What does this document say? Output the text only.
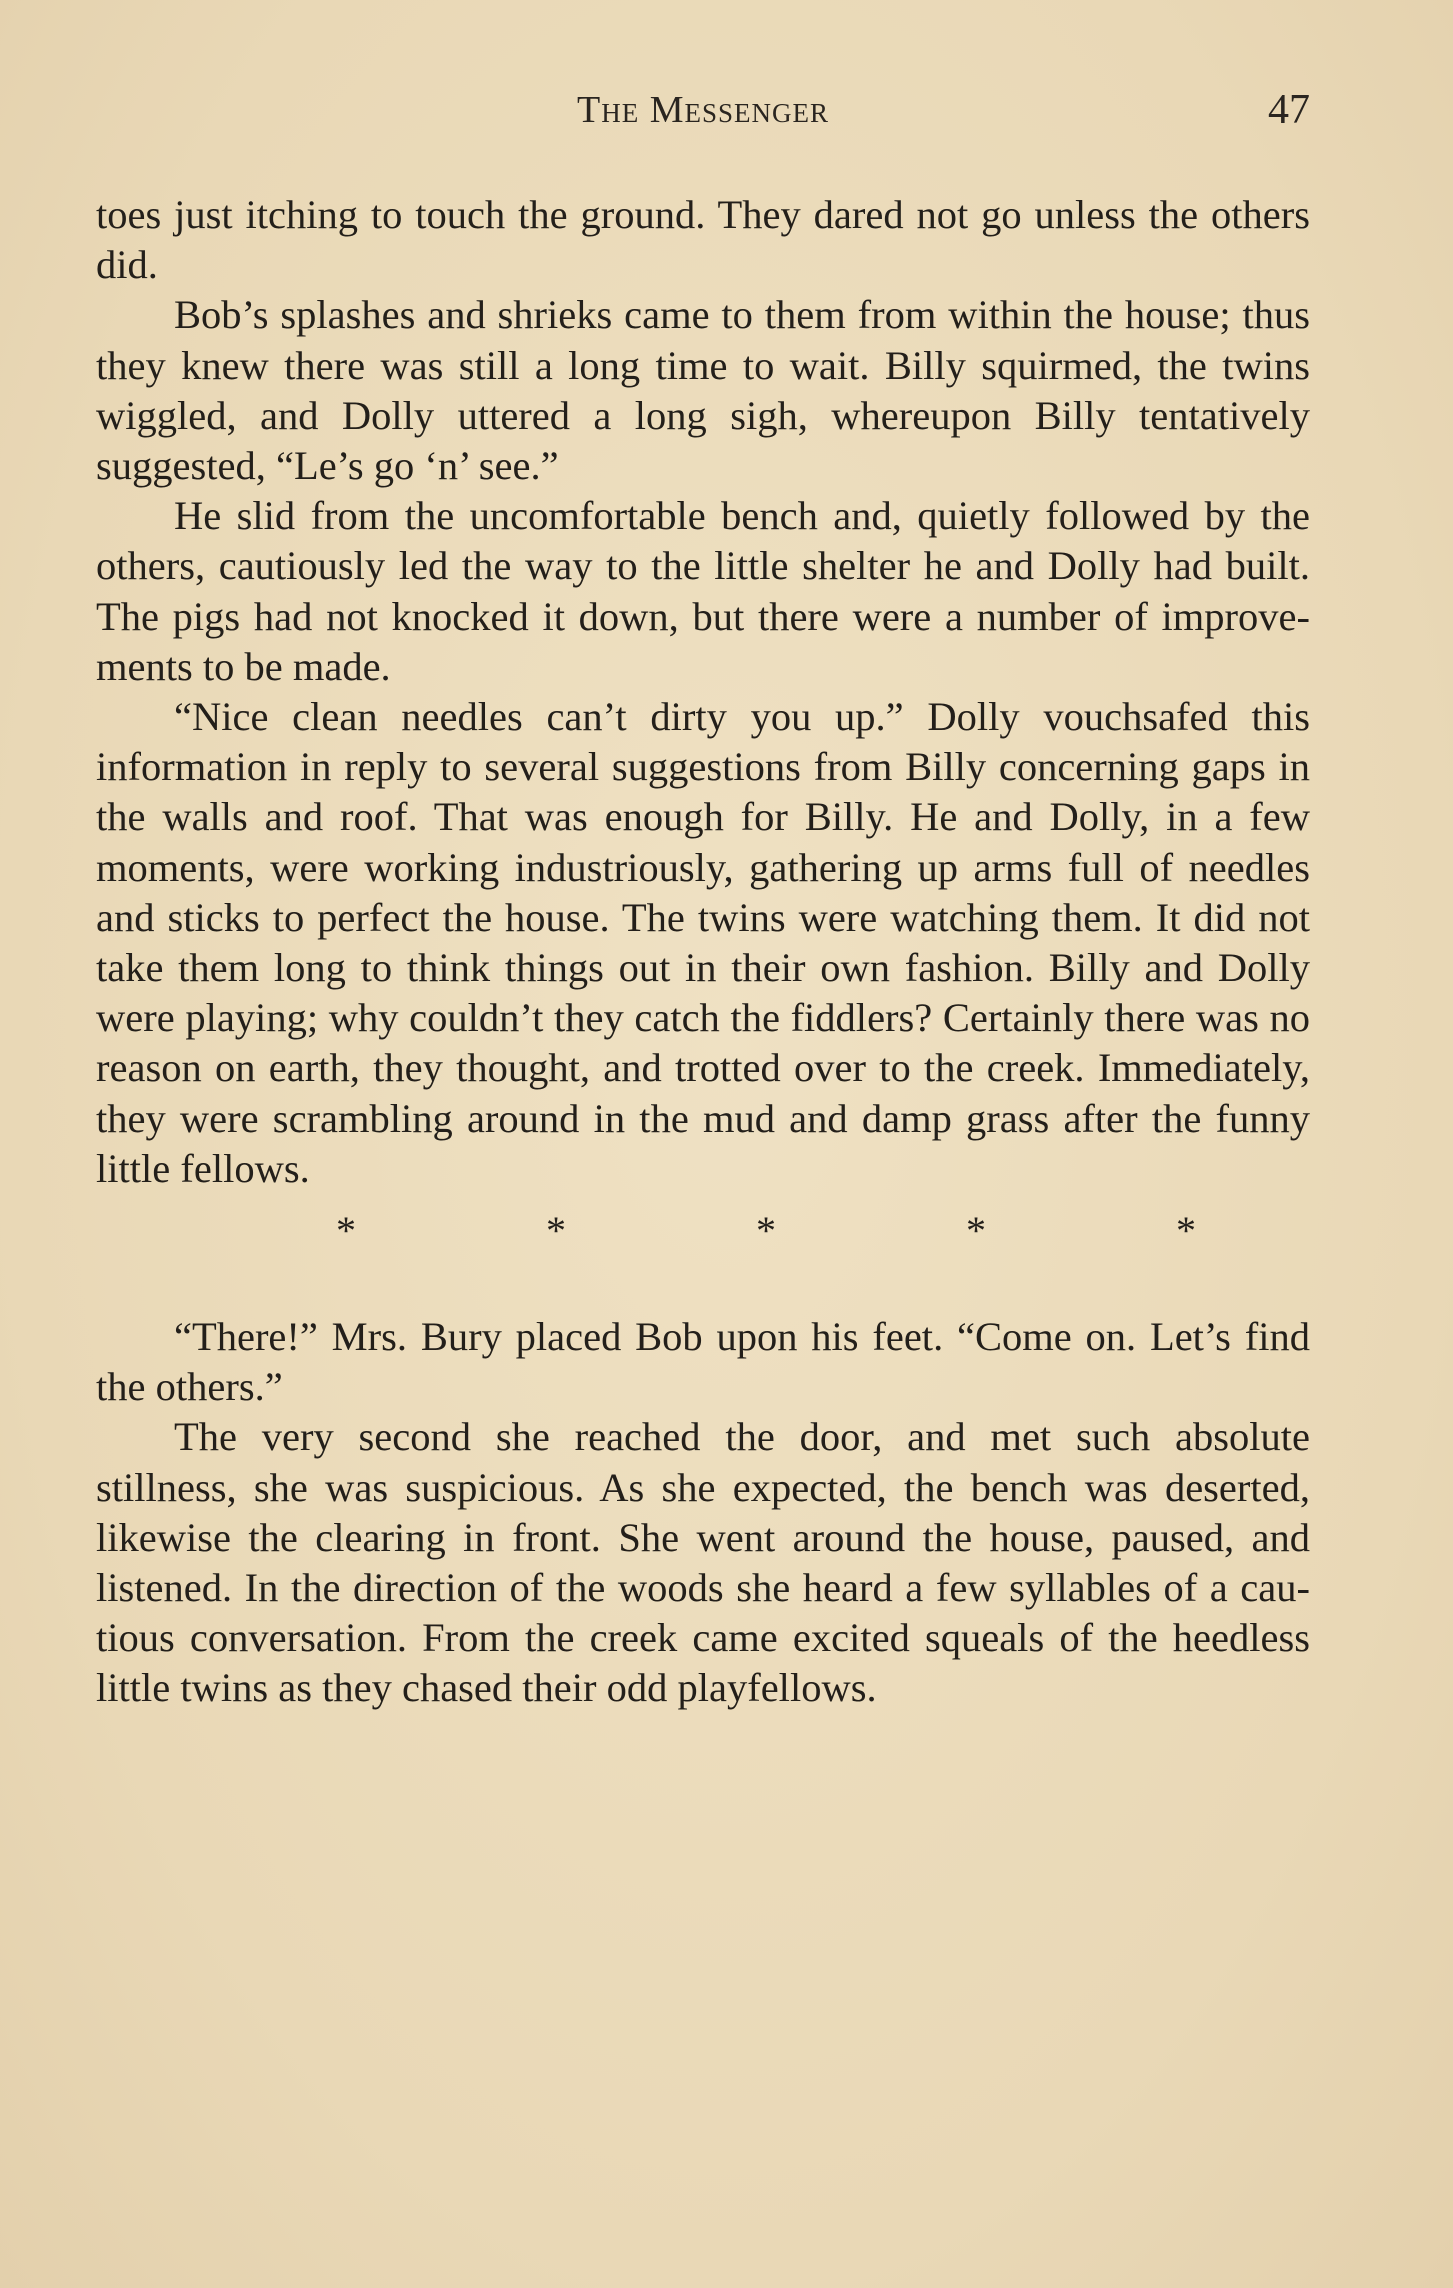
The Messenger	47

toes just itching to touch the ground. They dared not go unless the others did.

Bob’s splashes and shrieks came to them from within the house; thus they knew there was still a long time to wait. Billy squirmed, the twins wiggled, and Dolly uttered a long sigh, whereupon Billy tentatively suggested, “Le’s go ‘n’ see.”

He slid from the uncomfortable bench and, quietly followed by the others, cautiously led the way to the little shelter he and Dolly had built. The pigs had not knocked it down, but there were a number of improvements to be made.

“Nice clean needles can’t dirty you up.” Dolly vouchsafed this information in reply to several suggestions from Billy concerning gaps in the walls and roof. That was enough for Billy. He and Dolly, in a few moments, were working industriously, gathering up arms full of needles and sticks to perfect the house. The twins were watching them. It did not take them long to think things out in their own fashion. Billy and Dolly were playing; why couldn’t they catch the fiddlers? Certainly there was no reason on earth, they thought, and trotted over to the creek. Immediately, they were scrambling around in the mud and damp grass after the funny little fellows.

*	*	*	*	*

“There!” Mrs. Bury placed Bob upon his feet. “Come on. Let’s find the others.”

The very second she reached the door, and met such absolute stillness, she was suspicious. As she expected, the bench was deserted, likewise the clearing in front. She went around the house, paused, and listened. In the direction of the woods she heard a few syllables of a cautious conversation. From the creek came excited squeals of the heedless little twins as they chased their odd playfellows.
